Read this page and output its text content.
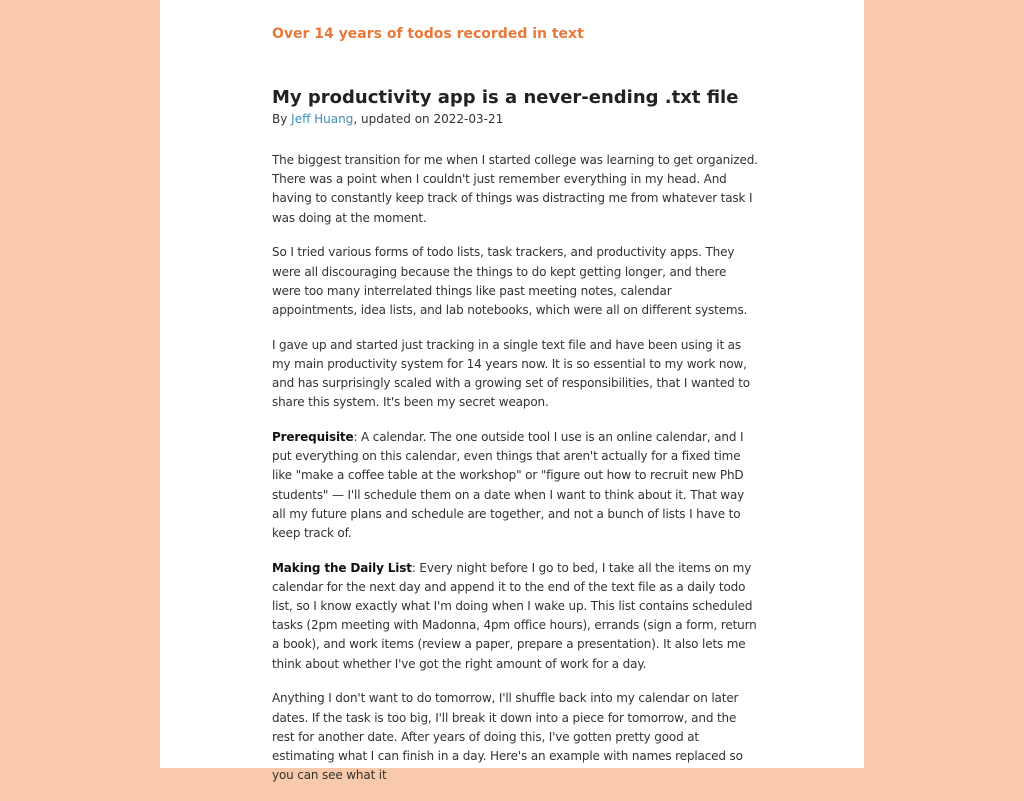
Over 14 years of todos recorded in text
My productivity app is a never-ending .txt file

By Jeff Huang, updated on 2022-03-21

The biggest transition for me when I started college was learning to get organized. There was a point when I couldn't just remember everything in my head. And having to constantly keep track of things was distracting me from whatever task I was doing at the moment.

So I tried various forms of todo lists, task trackers, and productivity apps. They were all discouraging because the things to do kept getting longer, and there were too many interrelated things like past meeting notes, calendar appointments, idea lists, and lab notebooks, which were all on different systems.

I gave up and started just tracking in a single text file and have been using it as my main productivity system for 14 years now. It is so essential to my work now, and has surprisingly scaled with a growing set of responsibilities, that I wanted to share this system. It's been my secret weapon.

Prerequisite: A calendar. The one outside tool I use is an online calendar, and I put everything on this calendar, even things that aren't actually for a fixed time like "make a coffee table at the workshop" or "figure out how to recruit new PhD students" — I'll schedule them on a date when I want to think about it. That way all my future plans and schedule are together, and not a bunch of lists I have to keep track of.

Making the Daily List: Every night before I go to bed, I take all the items on my calendar for the next day and append it to the end of the text file as a daily todo list, so I know exactly what I'm doing when I wake up. This list contains scheduled tasks (2pm meeting with Madonna, 4pm office hours), errands (sign a form, return a book), and work items (review a paper, prepare a presentation). It also lets me think about whether I've got the right amount of work for a day.

Anything I don't want to do tomorrow, I'll shuffle back into my calendar on later dates. If the task is too big, I'll break it down into a piece for tomorrow, and the rest for another date. After years of doing this, I've gotten pretty good at estimating what I can finish in a day. Here's an example with names replaced so you can see what it
